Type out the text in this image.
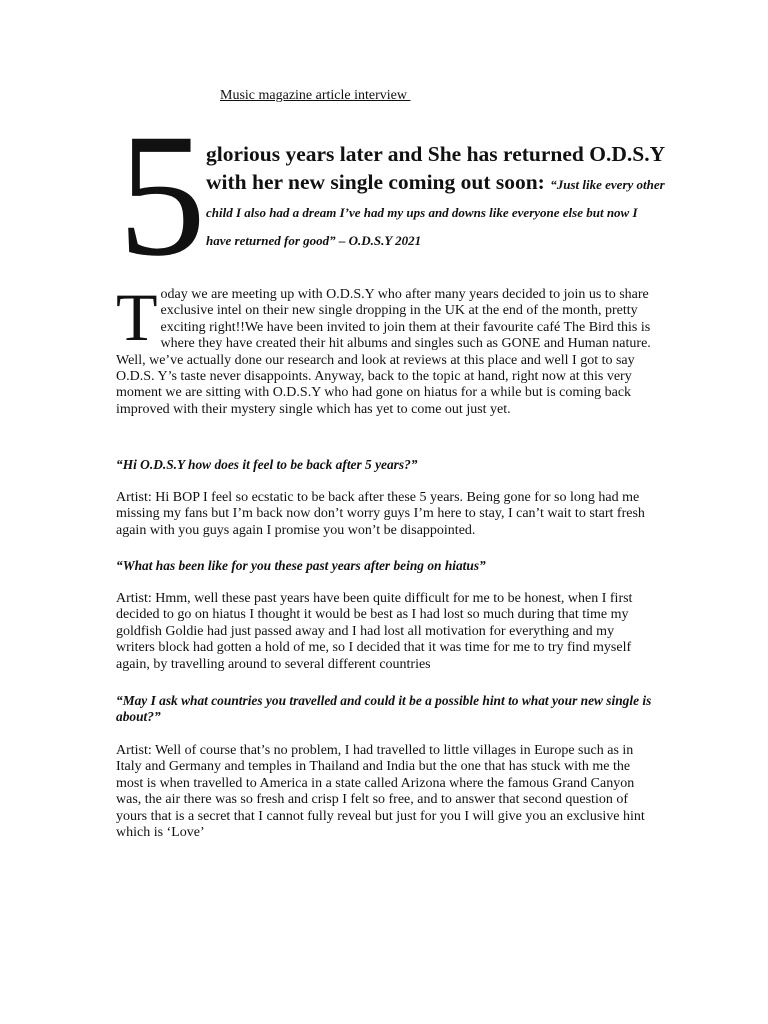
Music magazine article interview
5 glorious years later and She has returned O.D.S.Y with her new single coming out soon: “Just like every other child I also had a dream I’ve had my ups and downs like everyone else but now I have returned for good” – O.D.S.Y 2021
Today we are meeting up with O.D.S.Y who after many years decided to join us to share exclusive intel on their new single dropping in the UK at the end of the month, pretty exciting right!!We have been invited to join them at their favourite café The Bird this is where they have created their hit albums and singles such as GONE and Human nature. Well, we’ve actually done our research and look at reviews at this place and well I got to say O.D.S. Y’s taste never disappoints. Anyway, back to the topic at hand, right now at this very moment we are sitting with O.D.S.Y who had gone on hiatus for a while but is coming back improved with their mystery single which has yet to come out just yet.
“Hi O.D.S.Y how does it feel to be back after 5 years?”
Artist: Hi BOP I feel so ecstatic to be back after these 5 years. Being gone for so long had me missing my fans but I’m back now don’t worry guys I’m here to stay, I can’t wait to start fresh again with you guys again I promise you won’t be disappointed.
“What has been like for you these past years after being on hiatus”
Artist: Hmm, well these past years have been quite difficult for me to be honest, when I first decided to go on hiatus I thought it would be best as I had lost so much during that time my goldfish Goldie had just passed away and I had lost all motivation for everything and my writers block had gotten a hold of me, so I decided that it was time for me to try find myself again, by travelling around to several different countries
“May I ask what countries you travelled and could it be a possible hint to what your new single is about?”
Artist: Well of course that’s no problem, I had travelled to little villages in Europe such as in Italy and Germany and temples in Thailand and India but the one that has stuck with me the most is when travelled to America in a state called Arizona where the famous Grand Canyon was, the air there was so fresh and crisp I felt so free, and to answer that second question of yours that is a secret that I cannot fully reveal but just for you I will give you an exclusive hint which is ‘Love’
